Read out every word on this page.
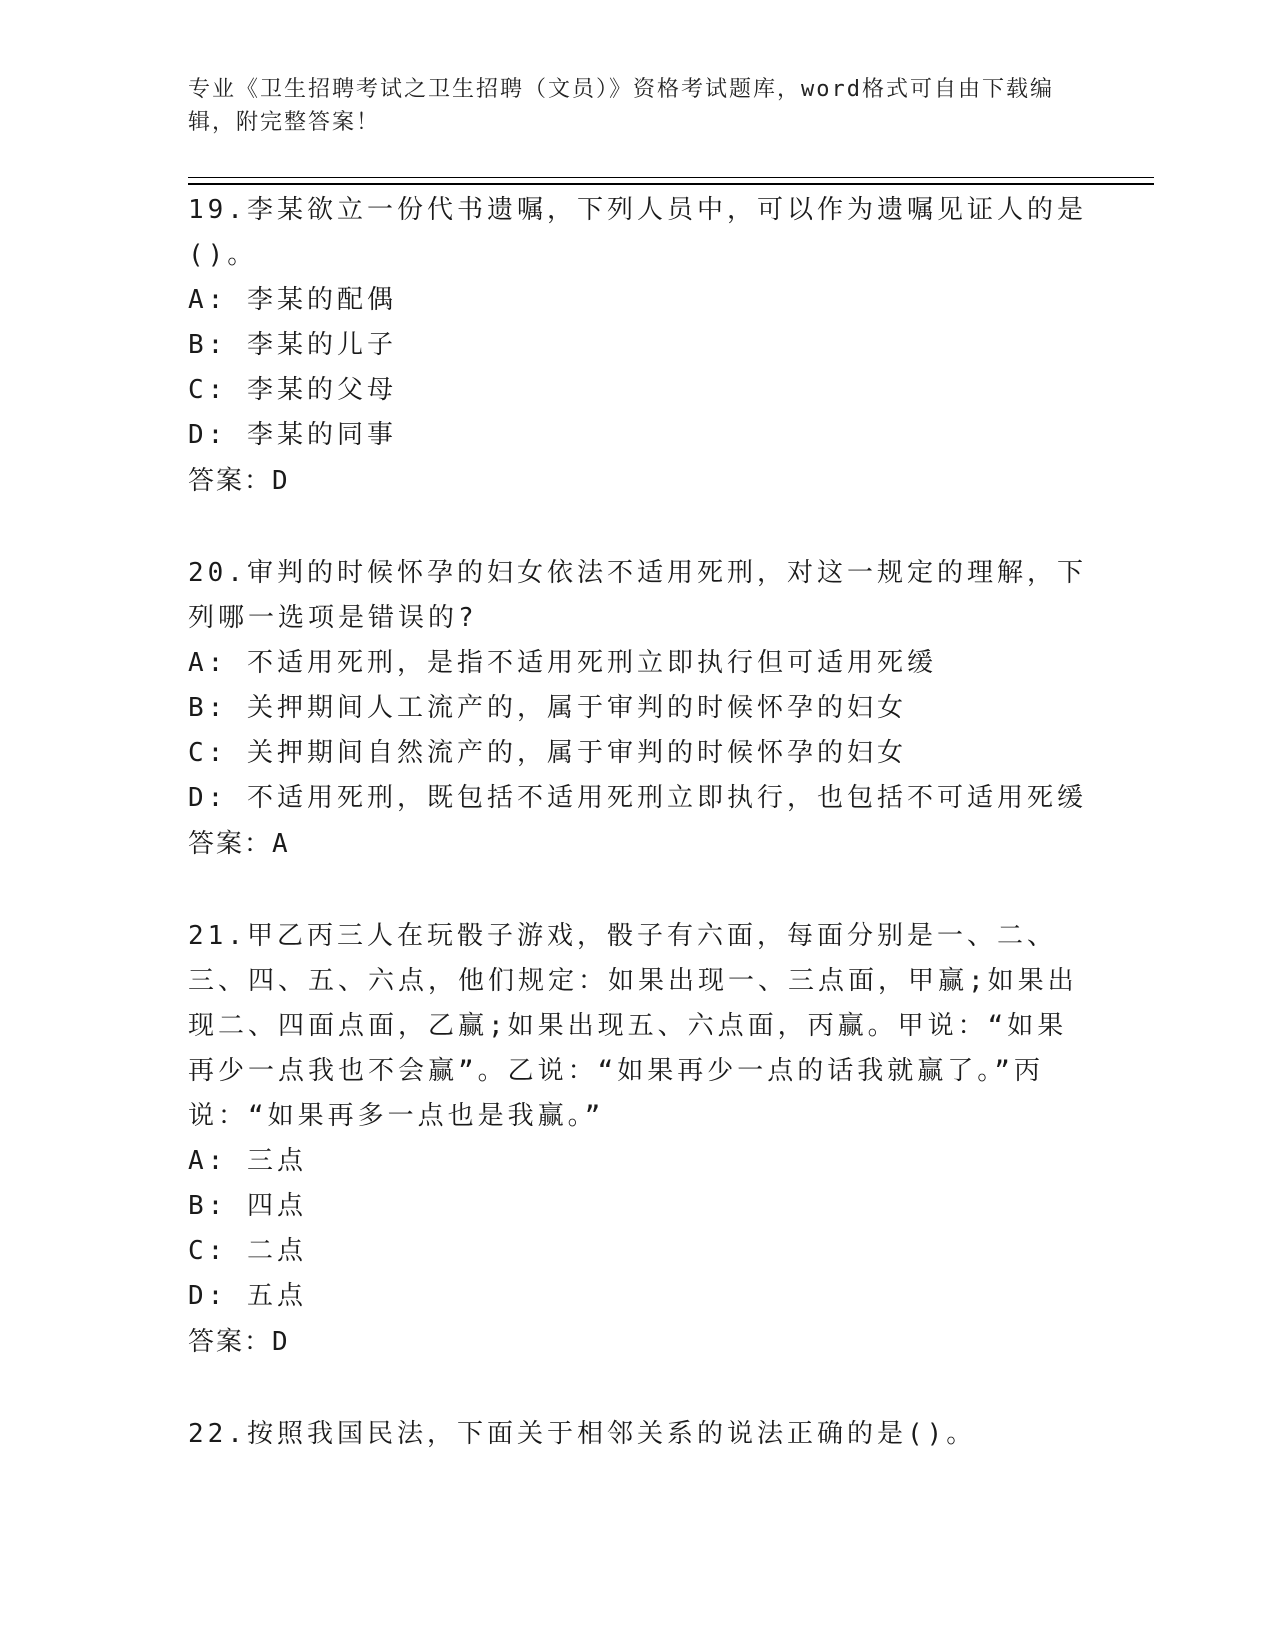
专业《卫生招聘考试之卫生招聘（文员）》资格考试题库，word格式可自由下载编辑，附完整答案！

19.李某欲立一份代书遗嘱，下列人员中，可以作为遗嘱见证人的是()。

A: 李某的配偶

B: 李某的儿子

C: 李某的父母

D: 李某的同事

答案：D

20.审判的时候怀孕的妇女依法不适用死刑，对这一规定的理解，下列哪一选项是错误的?

A: 不适用死刑，是指不适用死刑立即执行但可适用死缓

B: 关押期间人工流产的，属于审判的时候怀孕的妇女

C: 关押期间自然流产的，属于审判的时候怀孕的妇女

D: 不适用死刑，既包括不适用死刑立即执行，也包括不可适用死缓

答案：A

21.甲乙丙三人在玩骰子游戏，骰子有六面，每面分别是一、二、三、四、五、六点，他们规定：如果出现一、三点面，甲赢;如果出现二、四面点面，乙赢;如果出现五、六点面，丙赢。甲说：“如果再少一点我也不会赢”。乙说：“如果再少一点的话我就赢了。”丙说：“如果再多一点也是我赢。”

A: 三点

B: 四点

C: 二点

D: 五点

答案：D

22.按照我国民法，下面关于相邻关系的说法正确的是()。
